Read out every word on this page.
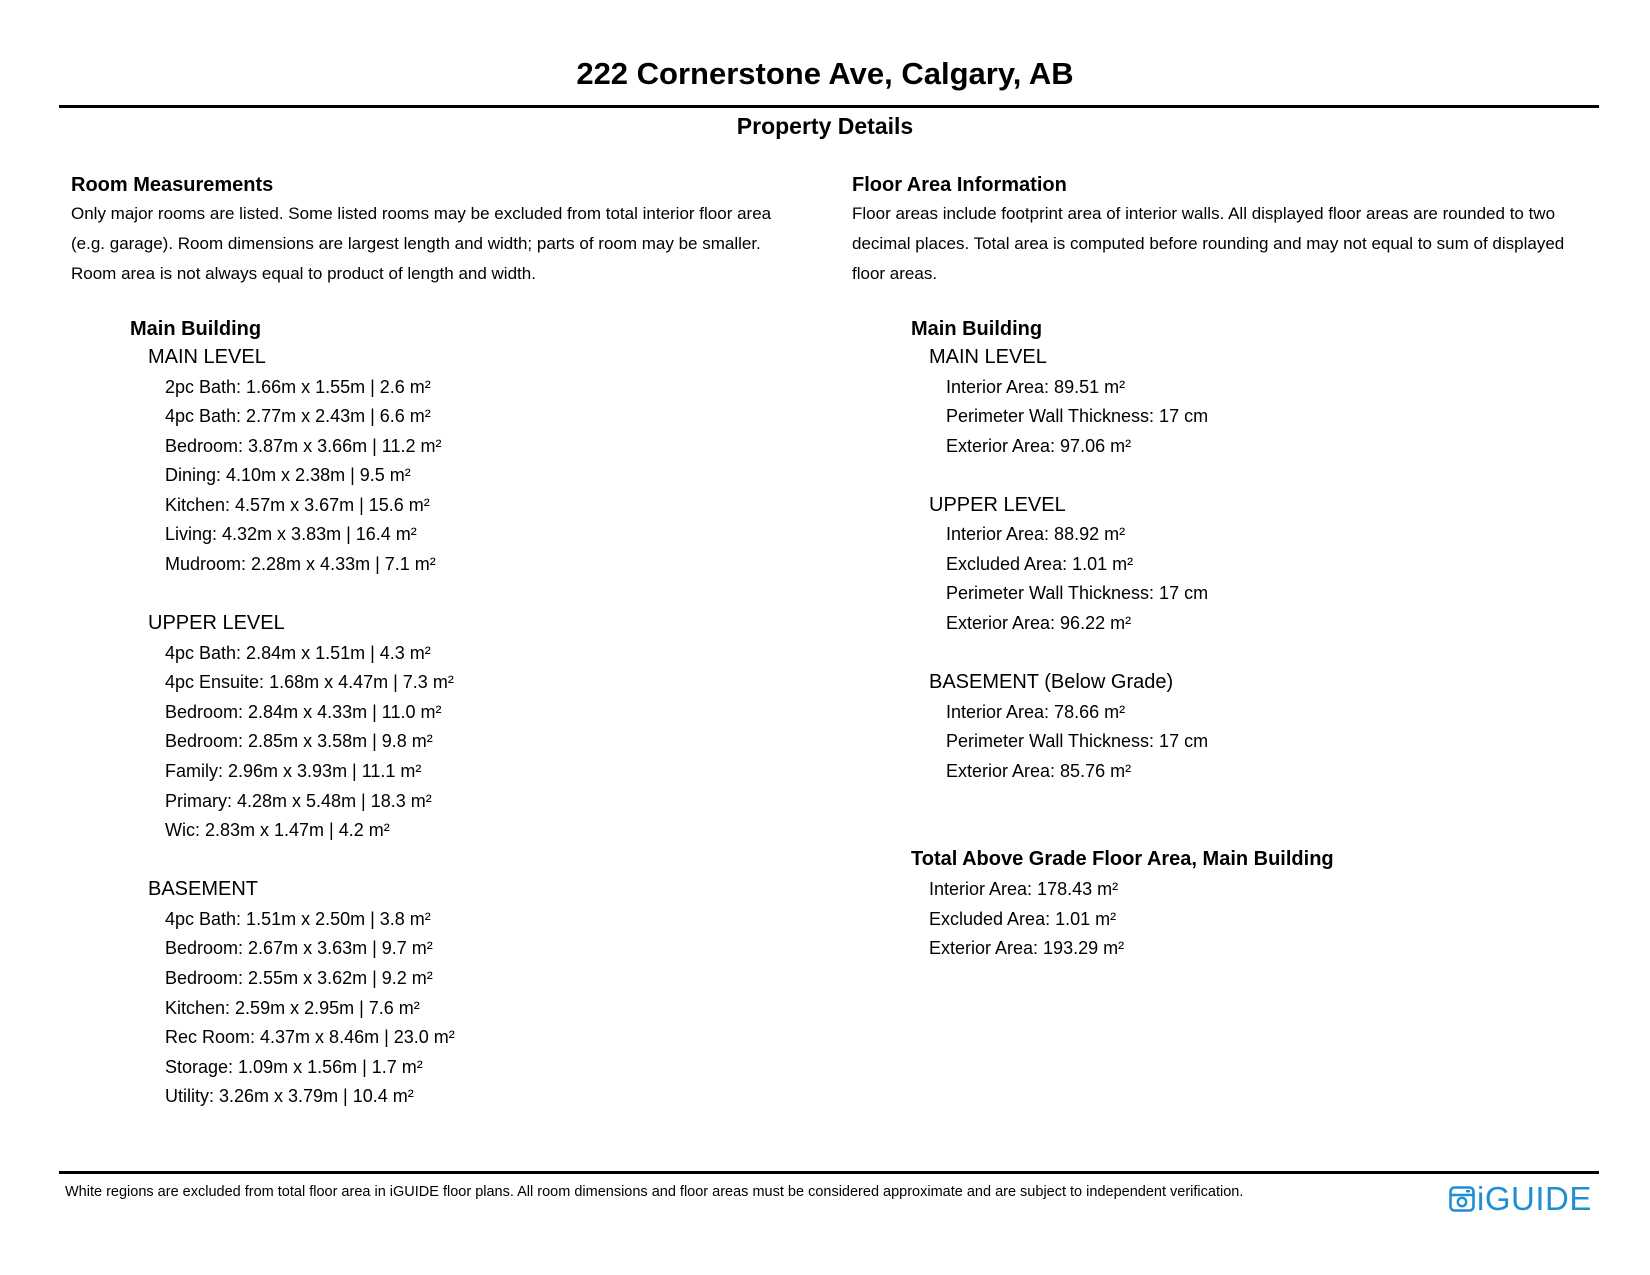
222 Cornerstone Ave, Calgary, AB
Property Details
Room Measurements
Only major rooms are listed. Some listed rooms may be excluded from total interior floor area
(e.g. garage). Room dimensions are largest length and width; parts of room may be smaller.
Room area is not always equal to product of length and width.
Main Building
MAIN LEVEL
2pc Bath: 1.66m x 1.55m | 2.6 m²
4pc Bath: 2.77m x 2.43m | 6.6 m²
Bedroom: 3.87m x 3.66m | 11.2 m²
Dining: 4.10m x 2.38m | 9.5 m²
Kitchen: 4.57m x 3.67m | 15.6 m²
Living: 4.32m x 3.83m | 16.4 m²
Mudroom: 2.28m x 4.33m | 7.1 m²
UPPER LEVEL
4pc Bath: 2.84m x 1.51m | 4.3 m²
4pc Ensuite: 1.68m x 4.47m | 7.3 m²
Bedroom: 2.84m x 4.33m | 11.0 m²
Bedroom: 2.85m x 3.58m | 9.8 m²
Family: 2.96m x 3.93m | 11.1 m²
Primary: 4.28m x 5.48m | 18.3 m²
Wic: 2.83m x 1.47m | 4.2 m²
BASEMENT
4pc Bath: 1.51m x 2.50m | 3.8 m²
Bedroom: 2.67m x 3.63m | 9.7 m²
Bedroom: 2.55m x 3.62m | 9.2 m²
Kitchen: 2.59m x 2.95m | 7.6 m²
Rec Room: 4.37m x 8.46m | 23.0 m²
Storage: 1.09m x 1.56m | 1.7 m²
Utility: 3.26m x 3.79m | 10.4 m²
Floor Area Information
Floor areas include footprint area of interior walls. All displayed floor areas are rounded to two
decimal places. Total area is computed before rounding and may not equal to sum of displayed
floor areas.
Main Building
MAIN LEVEL
Interior Area: 89.51 m²
Perimeter Wall Thickness: 17 cm
Exterior Area: 97.06 m²
UPPER LEVEL
Interior Area: 88.92 m²
Excluded Area: 1.01 m²
Perimeter Wall Thickness: 17 cm
Exterior Area: 96.22 m²
BASEMENT (Below Grade)
Interior Area: 78.66 m²
Perimeter Wall Thickness: 17 cm
Exterior Area: 85.76 m²
Total Above Grade Floor Area, Main Building
Interior Area: 178.43 m²
Excluded Area: 1.01 m²
Exterior Area: 193.29 m²
White regions are excluded from total floor area in iGUIDE floor plans. All room dimensions and floor areas must be considered approximate and are subject to independent verification.	iGUIDE
